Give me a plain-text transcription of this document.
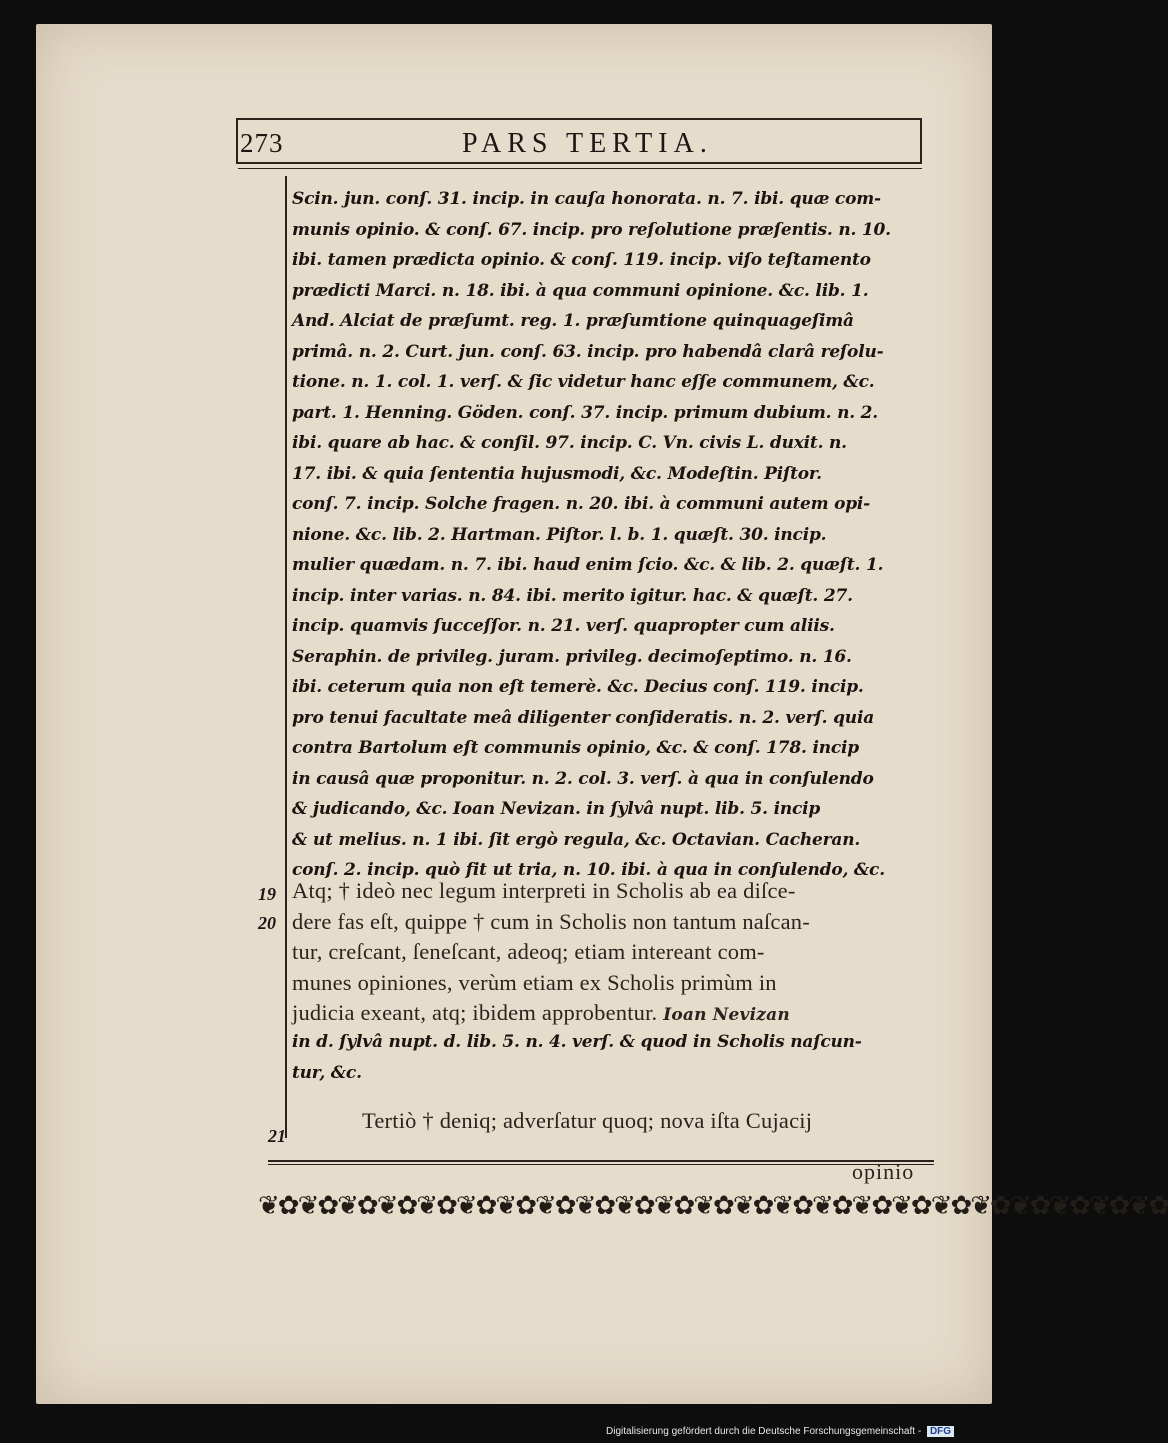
273	PARS TERTIA.
Scin. jun. conſ. 31. incip. in cauſa honorata. n. 7. ibi. quæ com-
munis opinio. & conſ. 67. incip. pro reſolutione præſentis. n. 10.
ibi. tamen prædicta opinio. & conſ. 119. incip. viſo teſtamento
prædicti Marci. n. 18. ibi. à qua communi opinione. &c. lib. 1.
And. Alciat de præſumt. reg. 1. præſumtione quinquageſimâ
primâ. n. 2. Curt. jun. conſ. 63. incip. pro habendâ clarâ reſolu-
tione. n. 1. col. 1. verſ. & ſic videtur hanc eſſe communem, &c.
part. 1. Henning. Göden. conſ. 37. incip. primum dubium. n. 2.
ibi. quare ab hac. & conſil. 97. incip. C. Vn. civis L. duxit. n.
17. ibi. & quia ſententia hujusmodi, &c. Modeſtin. Piſtor.
conſ. 7. incip. Solche fragen. n. 20. ibi. à communi autem opi-
nione. &c. lib. 2. Hartman. Piſtor. l. b. 1. quæſt. 30. incip.
mulier quædam. n. 7. ibi. haud enim ſcio. &c. & lib. 2. quæſt. 1.
incip. inter varias. n. 84. ibi. merito igitur. hac. & quæſt. 27.
incip. quamvis ſucceſſor. n. 21. verſ. quapropter cum aliis.
Seraphin. de privileg. juram. privileg. decimoſeptimo. n. 16.
ibi. ceterum quia non eſt temerè. &c. Decius conſ. 119. incip.
pro tenui facultate meâ diligenter conſideratis. n. 2. verſ. quia
contra Bartolum eſt communis opinio, &c. & conſ. 178. incip
in causâ quæ proponitur. n. 2. col. 3. verſ. à qua in conſulendo
& judicando, &c. Ioan Nevizan. in ſylvâ nupt. lib. 5. incip
& ut melius. n. 1 ibi. ſit ergò regula, &c. Octavian. Cacheran.
conſ. 2. incip. quò fit ut tria, n. 10. ibi. à qua in conſulendo, &c.
Atq; † ideò nec legum interpreti in Scholis ab ea diſce-
dere fas eſt, quippe † cum in Scholis non tantum naſcan-
tur, creſcant, ſeneſcant, adeoq; etiam intereant com-
munes opiniones, verùm etiam ex Scholis primùm in
judicia exeant, atq; ibidem approbentur. Ioan Nevizan
in d. ſylvâ nupt. d. lib. 5. n. 4. verſ. & quod in Scholis naſcun-
tur, &c.
Tertiò † deniq; adverſatur quoq; nova iſta Cujacij
19
20
21
opinio
❦✿❦✿❦✿❦✿❦✿❦✿❦✿❦✿❦✿❦✿❦✿❦✿❦✿❦✿❦✿❦✿❦✿❦✿❦✿❦✿❦✿❦✿❦✿
Digitalisierung gefördert durch die Deutsche Forschungsgemeinschaft - DFG
